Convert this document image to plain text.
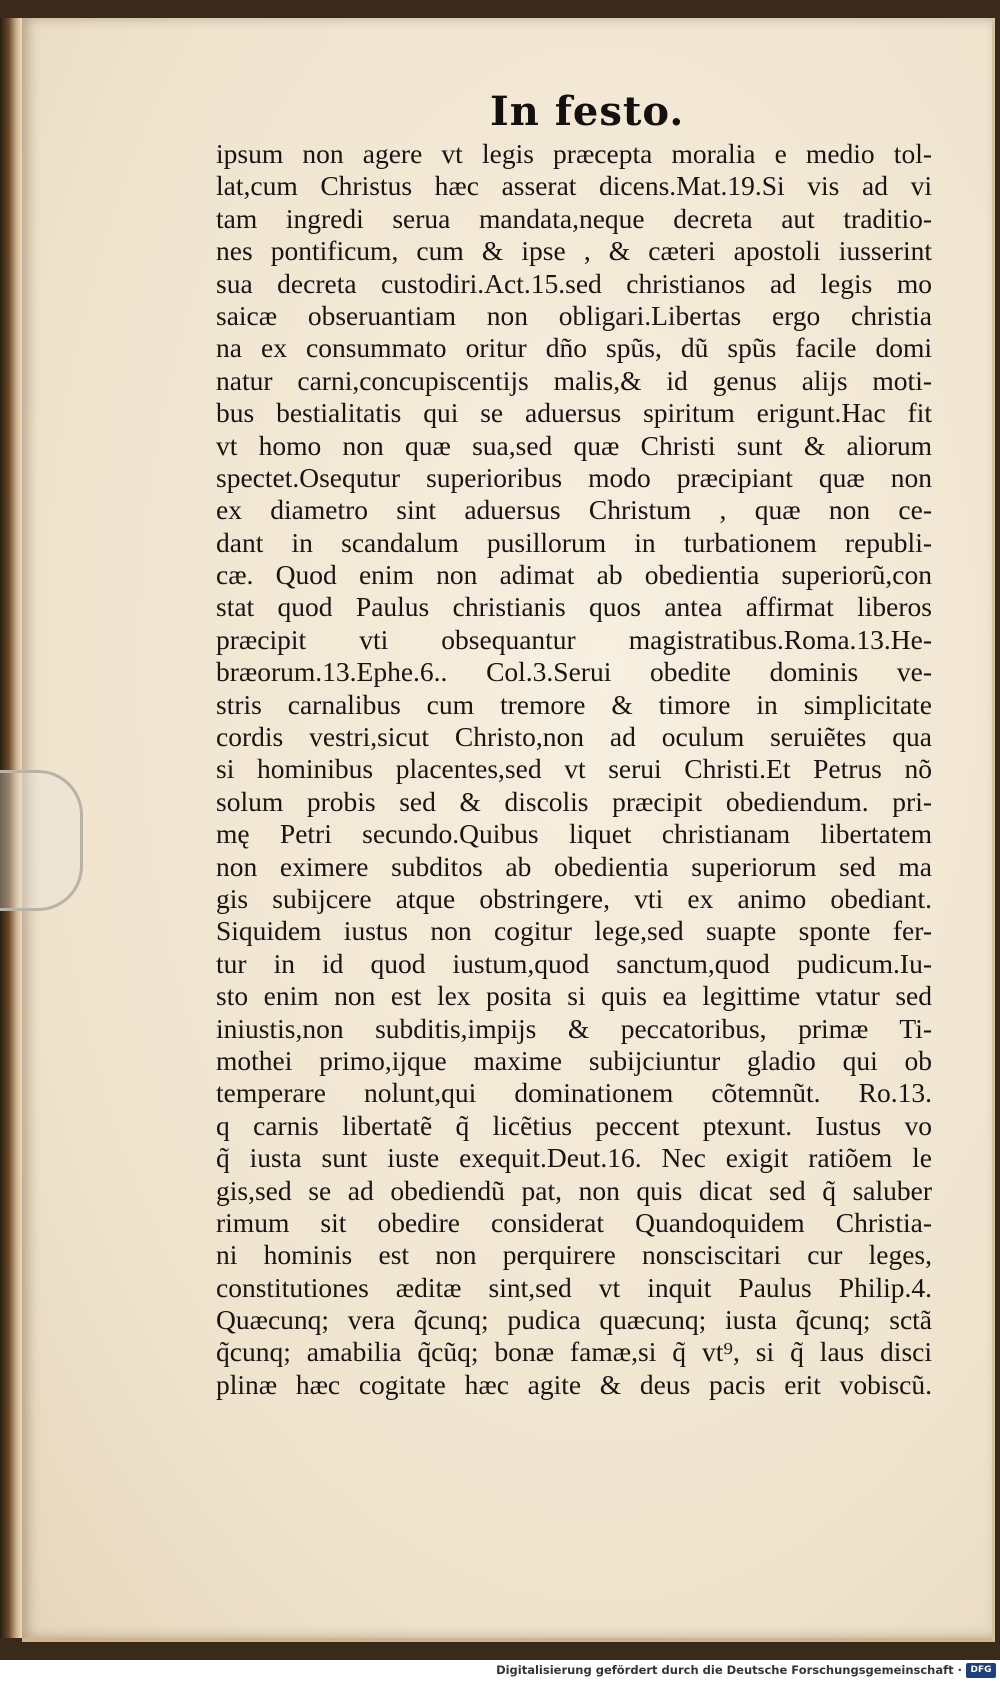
In festo.
ipsum non agere vt legis præcepta moralia e medio tol-
lat,cum Christus hæc asserat dicens.Mat.19.Si vis ad vi
tam ingredi serua mandata,neque decreta aut traditio-
nes pontificum, cum & ipse , & cæteri apostoli iusserint
sua decreta custodiri.Act.15.sed christianos ad legis mo
saicæ obseruantiam non obligari.Libertas ergo christia
na ex consummato oritur dño spũs, dũ spũs facile domi
natur carni,concupiscentijs malis,& id genus alijs moti-
bus bestialitatis qui se aduersus spiritum erigunt.Hac fit
vt homo non quæ sua,sed quæ Christi sunt & aliorum
spectet.Osequtur superioribus modo præcipiant quæ non
ex diametro sint aduersus Christum , quæ non ce-
dant in scandalum pusillorum in turbationem republi-
cæ. Quod enim non adimat ab obedientia superiorũ,con
stat quod Paulus christianis quos antea affirmat liberos
præcipit vti obsequantur magistratibus.Roma.13.He-
bræorum.13.Ephe.6.. Col.3.Serui obedite dominis ve-
stris carnalibus cum tremore & timore in simplicitate
cordis vestri,sicut Christo,non ad oculum seruiẽtes qua
si hominibus placentes,sed vt serui Christi.Et Petrus nõ
solum probis sed & discolis præcipit obediendum. pri-
mę Petri secundo.Quibus liquet christianam libertatem
non eximere subditos ab obedientia superiorum sed ma
gis subijcere atque obstringere, vti ex animo obediant.
Siquidem iustus non cogitur lege,sed suapte sponte fer-
tur in id quod iustum,quod sanctum,quod pudicum.Iu-
sto enim non est lex posita si quis ea legittime vtatur sed
iniustis,non subditis,impijs & peccatoribus, primæ Ti-
mothei primo,ijque maxime subijciuntur gladio qui ob
temperare nolunt,qui dominationem cõtemnũt. Ro.13.
q carnis libertatẽ q̃ licẽtius peccent ptexunt. Iustus vo
q̃ iusta sunt iuste exequit.Deut.16. Nec exigit ratiõem le
gis,sed se ad obediendũ pat, non quis dicat sed q̃ saluber
rimum sit obedire considerat Quandoquidem Christia-
ni hominis est non perquirere nonsciscitari cur leges,
constitutiones æditæ sint,sed vt inquit Paulus Philip.4.
Quæcunq; vera q̃cunq; pudica quæcunq; iusta q̃cunq; sctã
q̃cunq; amabilia q̃cũq; bonæ famæ,si q̃ vt⁹, si q̃ laus disci
plinæ hæc cogitate hæc agite & deus pacis erit vobiscũ.
Digitalisierung gefördert durch die Deutsche Forschungsgemeinschaft · DFG
